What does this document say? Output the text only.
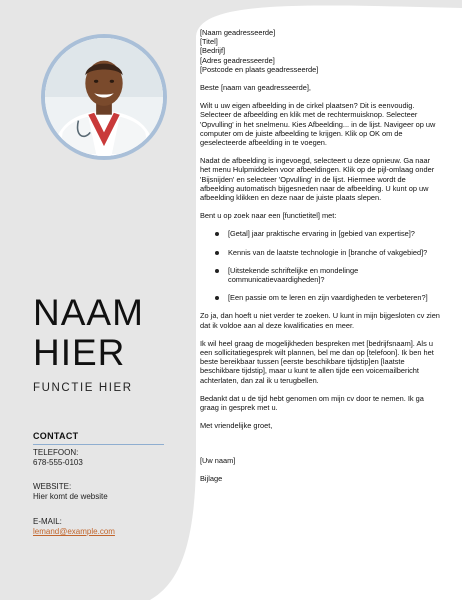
NAAM
HIER
FUNCTIE HIER
CONTACT
TELEFOON:
678-555-0103
WEBSITE:
Hier komt de website
E-MAIL:
lemand@example.com
[Naam geadresseerde]
[Titel]
[Bedrijf]
[Adres geadresseerde]
[Postcode en plaats geadresseerde]
Beste [naam van geadresseerde],
Wilt u uw eigen afbeelding in de cirkel plaatsen? Dit is eenvoudig. Selecteer de afbeelding en klik met de rechtermuisknop. Selecteer 'Opvulling' in het snelmenu. Kies Afbeelding... in de lijst. Navigeer op uw computer om de juiste afbeelding te krijgen. Klik op OK om de geselecteerde afbeelding in te voegen.
Nadat de afbeelding is ingevoegd, selecteert u deze opnieuw. Ga naar het menu Hulpmiddelen voor afbeeldingen. Klik op de pijl-omlaag onder 'Bijsnijden' en selecteer 'Opvulling' in de lijst. Hiermee wordt de afbeelding automatisch bijgesneden naar de afbeelding. U kunt op uw afbeelding klikken en deze naar de juiste plaats slepen.
Bent u op zoek naar een [functietitel] met:
[Getal] jaar praktische ervaring in [gebied van expertise]?
Kennis van de laatste technologie in [branche of vakgebied]?
[Uitstekende schriftelijke en mondelinge communicatievaardigheden]?
[Een passie om te leren en zijn vaardigheden te verbeteren?]
Zo ja, dan hoeft u niet verder te zoeken. U kunt in mijn bijgesloten cv zien dat ik voldoe aan al deze kwalificaties en meer.
Ik wil heel graag de mogelijkheden bespreken met [bedrijfsnaam]. Als u een sollicitatiegesprek wilt plannen, bel me dan op [telefoon]. Ik ben het beste bereikbaar tussen [eerste beschikbare tijdstip]en [laatste beschikbare tijdstip], maar u kunt te allen tijde een voicemailbericht achterlaten, dan zal ik u terugbellen.
Bedankt dat u de tijd hebt genomen om mijn cv door te nemen. Ik ga graag in gesprek met u.
Met vriendelijke groet,
[Uw naam]
Bijlage
